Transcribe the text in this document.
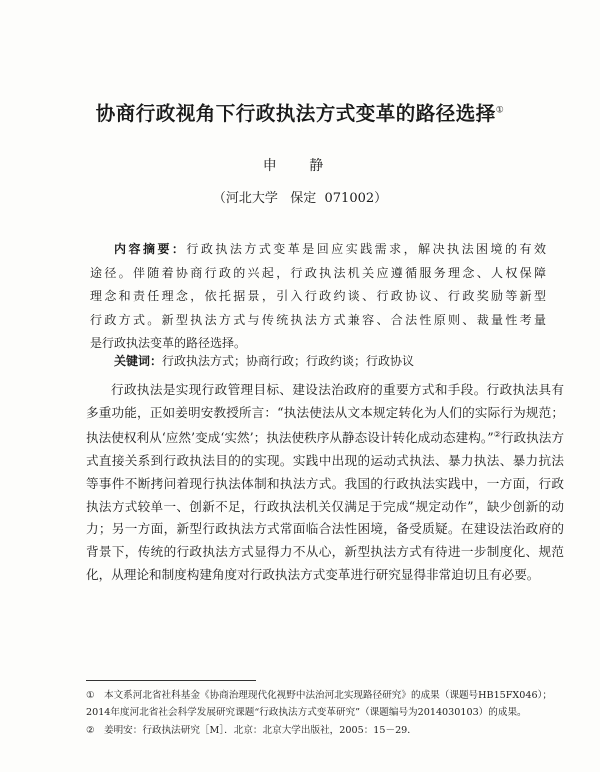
协商行政视角下行政执法方式变革的路径选择①
申 静
（河北大学   保定  071002）
内容摘要：行政执法方式变革是回应实践需求，解决执法困境的有效
途径。伴随着协商行政的兴起，行政执法机关应遵循服务理念、人权保障
理念和责任理念，依托据景，引入行政约谈、行政协议、行政奖励等新型
行政方式。新型执法方式与传统执法方式兼容、合法性原则、裁量性考量
是行政执法变革的路径选择。
关键词：行政执法方式；协商行政；行政约谈；行政协议

行政执法是实现行政管理目标、建设法治政府的重要方式和手段。行政执法具有多重功能，正如姜明安教授所言：“执法使法从文本规定转化为人们的实际行为规范；执法使权利从‘应然’变成‘实然’；执法使秩序从静态设计转化成动态建构。”②行政执法方式直接关系到行政执法目的的实现。实践中出现的运动式执法、暴力执法、暴力抗法等事件不断拷问着现行执法体制和执法方式。我国的行政执法实践中，一方面，行政执法方式较单一、创新不足，行政执法机关仅满足于完成“规定动作”，缺少创新的动力；另一方面，新型行政执法方式常面临合法性困境，备受质疑。在建设法治政府的背景下，传统的行政执法方式显得力不从心，新型执法方式有待进一步制度化、规范化，从理论和制度构建角度对行政执法方式变革进行研究显得非常迫切且有必要。

① 本文系河北省社科基金《协商治理现代化视野中法治河北实现路径研究》的成果（课题号HB15FX046）；2014年度河北省社会科学发展研究课题“行政执法方式变革研究”（课题编号为201403010​3）的成果。
② 姜明安：行政执法研究［M］．北京：北京大学出版社，2005：15－29．
